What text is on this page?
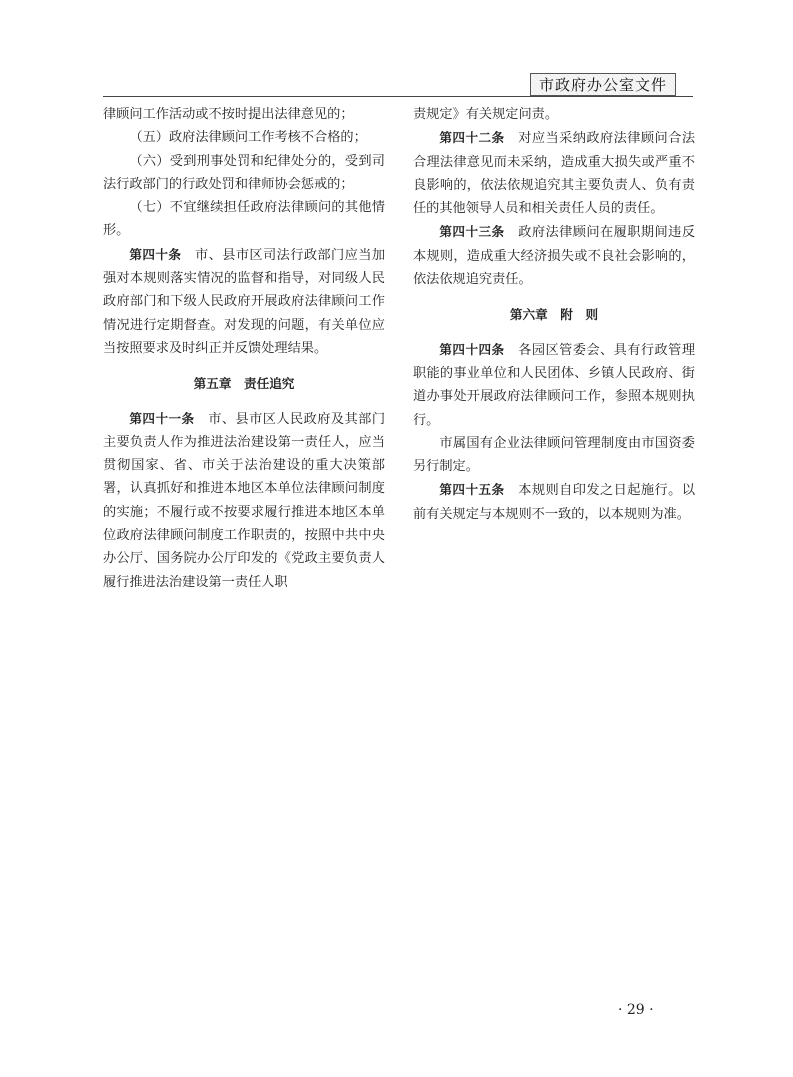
市政府办公室文件

律顾问工作活动或不按时提出法律意见的；

（五）政府法律顾问工作考核不合格的；

（六）受到刑事处罚和纪律处分的，受到司法行政部门的行政处罚和律师协会惩戒的；

（七）不宜继续担任政府法律顾问的其他情形。

第四十条　市、县市区司法行政部门应当加强对本规则落实情况的监督和指导，对同级人民政府部门和下级人民政府开展政府法律顾问工作情况进行定期督查。对发现的问题，有关单位应当按照要求及时纠正并反馈处理结果。

第五章　责任追究

第四十一条　市、县市区人民政府及其部门主要负责人作为推进法治建设第一责任人，应当贯彻国家、省、市关于法治建设的重大决策部署，认真抓好和推进本地区本单位法律顾问制度的实施；不履行或不按要求履行推进本地区本单位政府法律顾问制度工作职责的，按照中共中央办公厅、国务院办公厅印发的《党政主要负责人履行推进法治建设第一责任人职

责规定》有关规定问责。

第四十二条　对应当采纳政府法律顾问合法合理法律意见而未采纳，造成重大损失或严重不良影响的，依法依规追究其主要负责人、负有责任的其他领导人员和相关责任人员的责任。

第四十三条　政府法律顾问在履职期间违反本规则，造成重大经济损失或不良社会影响的，依法依规追究责任。

第六章　附　则

第四十四条　各园区管委会、具有行政管理职能的事业单位和人民团体、乡镇人民政府、街道办事处开展政府法律顾问工作，参照本规则执行。

市属国有企业法律顾问管理制度由市国资委另行制定。

第四十五条　本规则自印发之日起施行。以前有关规定与本规则不一致的，以本规则为准。

· 29 ·
